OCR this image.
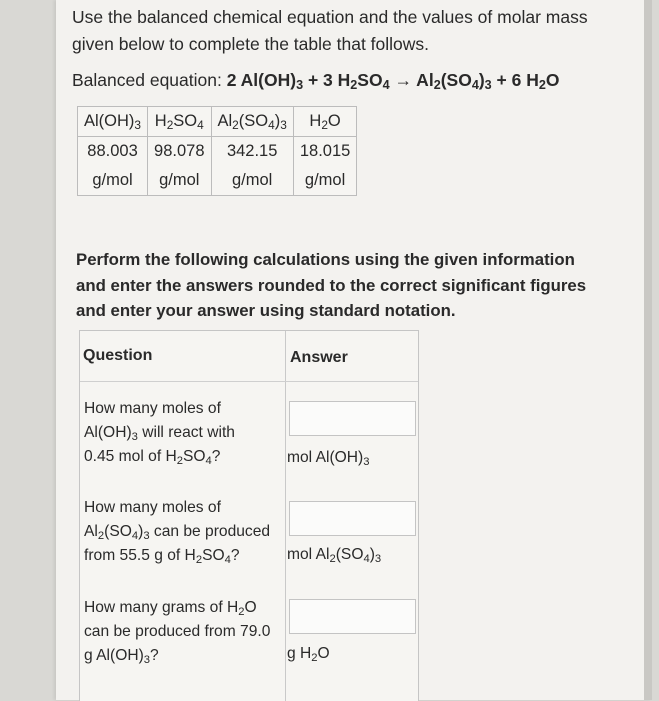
Use the balanced chemical equation and the values of molar mass
given below to complete the table that follows.
Balanced equation: 2 $Al(OH)_3 + 3$ $H_2SO_4 \to Al_2(SO_4)_3 + 6$ $H_2O$
$Al(OH)_3$	$H_2SO_4$	$Al_2(SO_4)_3$	$H_2O$
88.003	98.078	342.15	18.015
g/mol	g/mol	g/mol	g/mol
Perform the following calculations using the given information and enter the answers rounded to the correct significant figures and enter your answer using standard notation.
Question	Answer
How many moles of
$Al(OH)_3$ will react with
0.45 mol of $H_2SO_4$?	mol $Al(OH)_3$
How many moles of
$Al_2(SO_4)_3$ can be produced
from 55.5 g of $H_2SO_4$?	mol $Al_2(SO_4)_3$
How many grams of $H_2O$
can be produced from 79.0
g $Al(OH)_3$?	g $H_2O$
